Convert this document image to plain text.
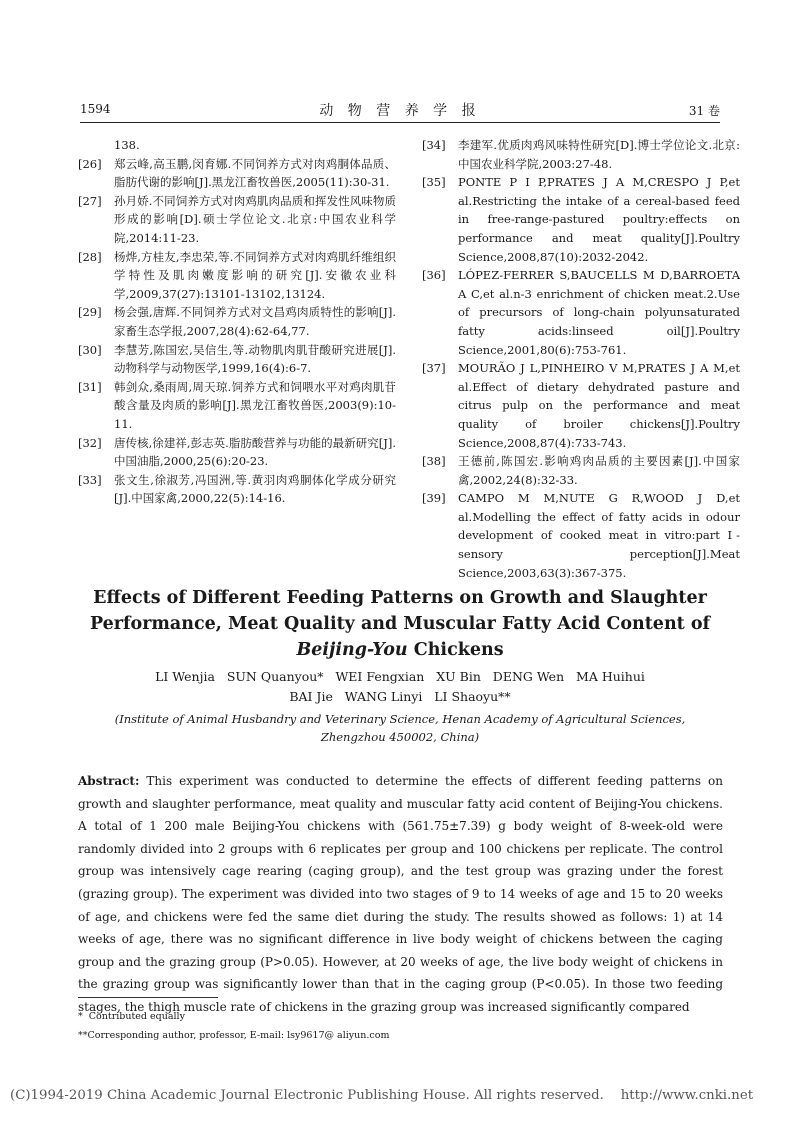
1594	动 物 营 养 学 报	31 卷
138.
[26] 郑云峰,高玉鹏,闵育娜.不同饲养方式对肉鸡胴体品质、脂肪代谢的影响[J].黑龙江畜牧兽医,2005(11):30-31.
[27] 孙月娇.不同饲养方式对肉鸡肌肉品质和挥发性风味物质形成的影响[D].硕士学位论文.北京:中国农业科学院,2014:11-23.
[28] 杨烨,方桂友,李忠荣,等.不同饲养方式对肉鸡肌纤维组织学特性及肌肉嫩度影响的研究[J].安徽农业科学,2009,37(27):13101-13102,13124.
[29] 杨会强,唐辉.不同饲养方式对文昌鸡肉质特性的影响[J].家畜生态学报,2007,28(4):62-64,77.
[30] 李慧芳,陈国宏,吴信生,等.动物肌肉肌苷酸研究进展[J].动物科学与动物医学,1999,16(4):6-7.
[31] 韩剑众,桑雨周,周天琼.饲养方式和饲喂水平对鸡肉肌苷酸含量及肉质的影响[J].黑龙江畜牧兽医,2003(9):10-11.
[32] 唐传核,徐建祥,彭志英.脂肪酸营养与功能的最新研究[J].中国油脂,2000,25(6):20-23.
[33] 张文生,徐淑芳,冯国洲,等.黄羽肉鸡胴体化学成分研究[J].中国家禽,2000,22(5):14-16.
[34] 李建军.优质肉鸡风味特性研究[D].博士学位论文.北京:中国农业科学院,2003:27-48.
[35] PONTE P I P,PRATES J A M,CRESPO J P,et al.Restricting the intake of a cereal-based feed in free-range-pastured poultry:effects on performance and meat quality[J].Poultry Science,2008,87(10):2032-2042.
[36] LÓPEZ-FERRER S,BAUCELLS M D,BARROETA A C,et al.n-3 enrichment of chicken meat.2.Use of precursors of long-chain polyunsaturated fatty acids:linseed oil[J].Poultry Science,2001,80(6):753-761.
[37] MOURÃO J L,PINHEIRO V M,PRATES J A M,et al.Effect of dietary dehydrated pasture and citrus pulp on the performance and meat quality of broiler chickens[J].Poultry Science,2008,87(4):733-743.
[38] 王德前,陈国宏.影响鸡肉品质的主要因素[J].中国家禽,2002,24(8):32-33.
[39] CAMPO M M,NUTE G R,WOOD J D,et al.Modelling the effect of fatty acids in odour development of cooked meat in vitro:part Ⅰ-sensory perception[J].Meat Science,2003,63(3):367-375.
Effects of Different Feeding Patterns on Growth and Slaughter
Performance, Meat Quality and Muscular Fatty Acid Content of
Beijing-You Chickens
LI Wenjia   SUN Quanyou*   WEI Fengxian   XU Bin   DENG Wen   MA Huihui
BAI Jie   WANG Linyi   LI Shaoyu**
(Institute of Animal Husbandry and Veterinary Science, Henan Academy of Agricultural Sciences,
Zhengzhou 450002, China)
Abstract: This experiment was conducted to determine the effects of different feeding patterns on growth and slaughter performance, meat quality and muscular fatty acid content of Beijing-You chickens. A total of 1 200 male Beijing-You chickens with (561.75±7.39) g body weight of 8-week-old were randomly divided into 2 groups with 6 replicates per group and 100 chickens per replicate. The control group was intensively cage rearing (caging group), and the test group was grazing under the forest (grazing group). The experiment was divided into two stages of 9 to 14 weeks of age and 15 to 20 weeks of age, and chickens were fed the same diet during the study. The results showed as follows: 1) at 14 weeks of age, there was no significant difference in live body weight of chickens between the caging group and the grazing group (P>0.05). However, at 20 weeks of age, the live body weight of chickens in the grazing group was significantly lower than that in the caging group (P<0.05). In those two feeding stages, the thigh muscle rate of chickens in the grazing group was increased significantly compared
*  Contributed equally
**Corresponding author, professor, E-mail: lsy9617@ aliyun.com
(C)1994-2019 China Academic Journal Electronic Publishing House. All rights reserved.    http://www.cnki.net
